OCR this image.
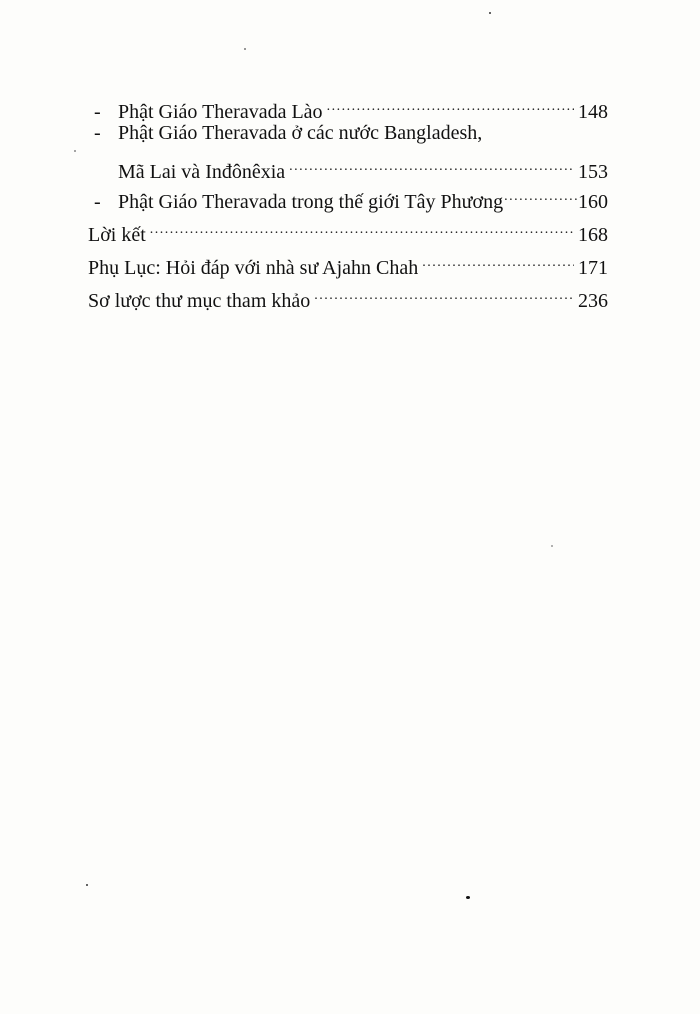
- Phật Giáo Theravada Lào .....	148
- Phật Giáo Theravada ở các nước Bangladesh,
Mã Lai và Inđônêxia .....	153
- Phật Giáo Theravada trong thế giới Tây Phương .....	160
Lời kết .....	168
Phụ Lục: Hỏi đáp với nhà sư Ajahn Chah .....	171
Sơ lược thư mục tham khảo .....	236
